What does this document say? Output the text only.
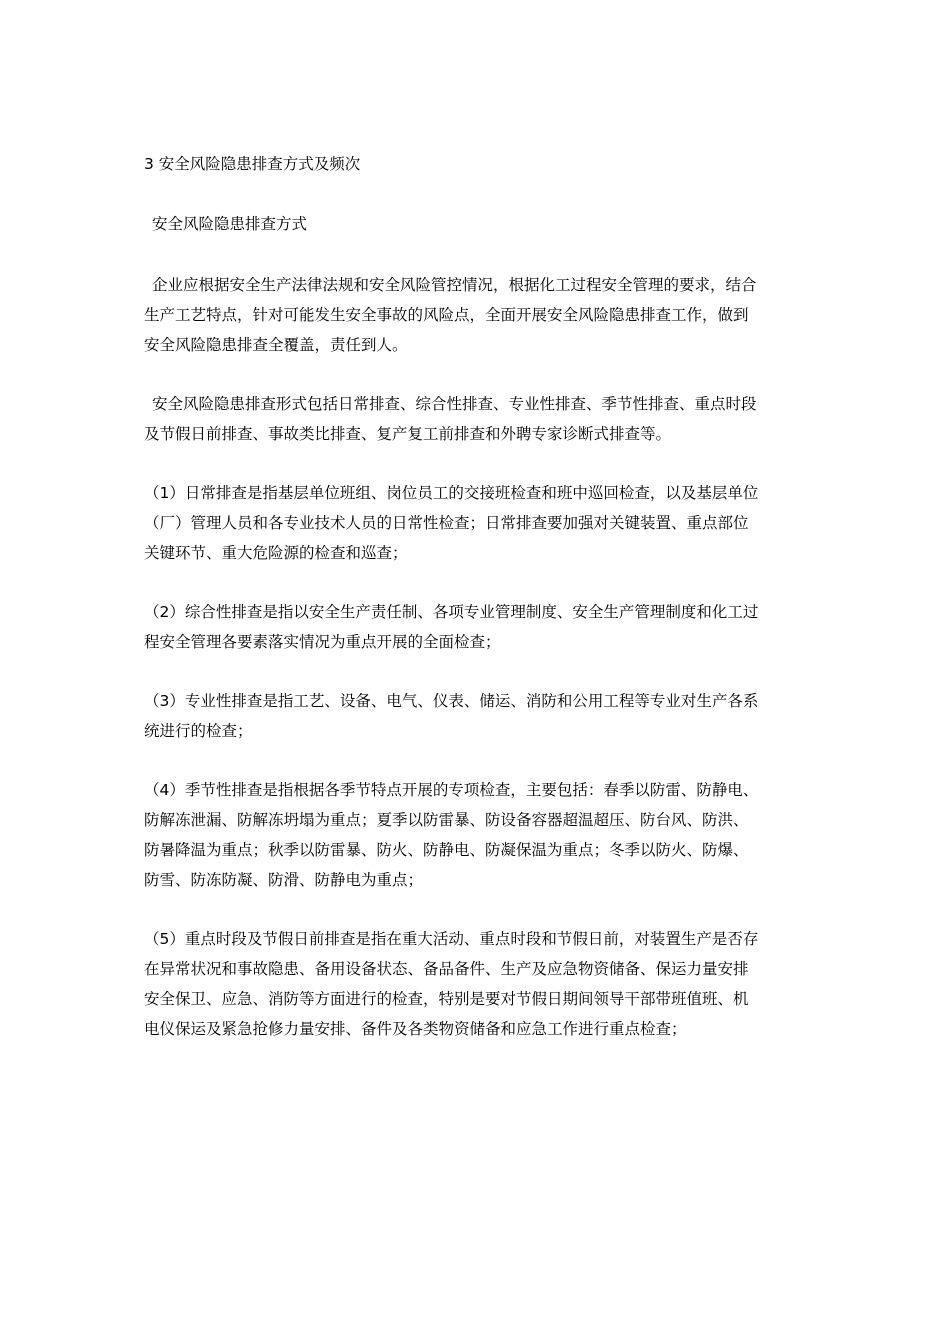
3 安全风险隐患排查方式及频次

安全风险隐患排查方式

企业应根据安全生产法律法规和安全风险管控情况，根据化工过程安全管理的要求，结合

生产工艺特点，针对可能发生安全事故的风险点，全面开展安全风险隐患排查工作，做到

安全风险隐患排查全覆盖，责任到人。

安全风险隐患排查形式包括日常排查、综合性排查、专业性排查、季节性排查、重点时段

及节假日前排查、事故类比排查、复产复工前排查和外聘专家诊断式排查等。

（1）日常排查是指基层单位班组、岗位员工的交接班检查和班中巡回检查，以及基层单位

（厂）管理人员和各专业技术人员的日常性检查；日常排查要加强对关键装置、重点部位

关键环节、重大危险源的检查和巡查；

（2）综合性排查是指以安全生产责任制、各项专业管理制度、安全生产管理制度和化工过

程安全管理各要素落实情况为重点开展的全面检查；

（3）专业性排查是指工艺、设备、电气、仪表、储运、消防和公用工程等专业对生产各系

统进行的检查；

（4）季节性排查是指根据各季节特点开展的专项检查，主要包括：春季以防雷、防静电、

防解冻泄漏、防解冻坍塌为重点；夏季以防雷暴、防设备容器超温超压、防台风、防洪、

防暑降温为重点；秋季以防雷暴、防火、防静电、防凝保温为重点；冬季以防火、防爆、

防雪、防冻防凝、防滑、防静电为重点；

（5）重点时段及节假日前排查是指在重大活动、重点时段和节假日前，对装置生产是否存

在异常状况和事故隐患、备用设备状态、备品备件、生产及应急物资储备、保运力量安排

安全保卫、应急、消防等方面进行的检查，特别是要对节假日期间领导干部带班值班、机

电仪保运及紧急抢修力量安排、备件及各类物资储备和应急工作进行重点检查；
